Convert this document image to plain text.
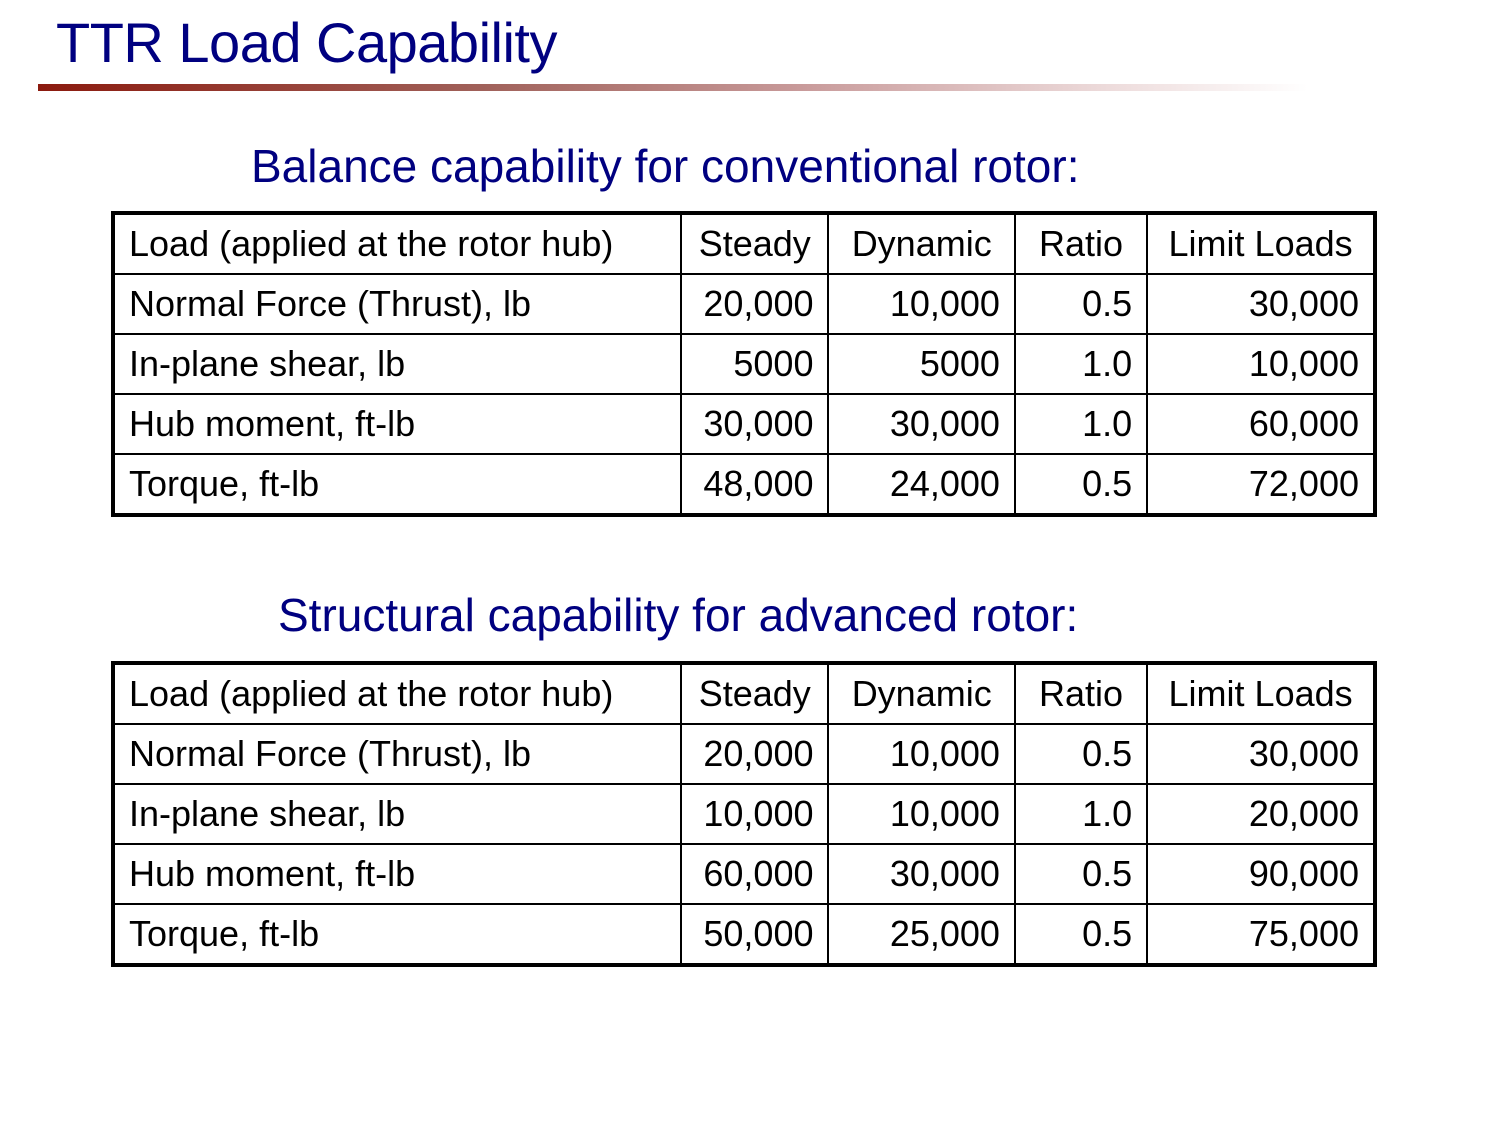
TTR Load Capability
Balance capability for conventional rotor:
Load (applied at the rotor hub)	Steady	Dynamic	Ratio	Limit Loads
Normal Force (Thrust), lb	20,000	10,000	0.5	30,000
In-plane shear, lb	5000	5000	1.0	10,000
Hub moment, ft-lb	30,000	30,000	1.0	60,000
Torque, ft-lb	48,000	24,000	0.5	72,000
Structural capability for advanced rotor:
Load (applied at the rotor hub)	Steady	Dynamic	Ratio	Limit Loads
Normal Force (Thrust), lb	20,000	10,000	0.5	30,000
In-plane shear, lb	10,000	10,000	1.0	20,000
Hub moment, ft-lb	60,000	30,000	0.5	90,000
Torque, ft-lb	50,000	25,000	0.5	75,000
